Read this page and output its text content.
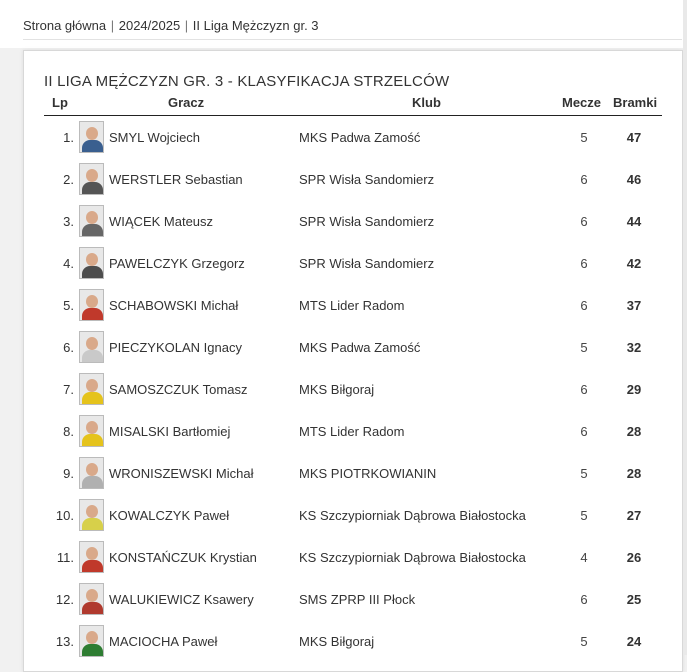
Strona główna | 2024/2025 | II Liga Mężczyzn gr. 3
II LIGA MĘŻCZYZN GR. 3 - KLASYFIKACJA STRZELCÓW
Lp	Gracz	Klub	Mecze Bramki
1.	SMYL Wojciech	MKS Padwa Zamość	5	47
2.	WERSTLER Sebastian	SPR Wisła Sandomierz	6	46
3.	WIĄCEK Mateusz	SPR Wisła Sandomierz	6	44
4.	PAWELCZYK Grzegorz	SPR Wisła Sandomierz	6	42
5.	SCHABOWSKI Michał	MTS Lider Radom	6	37
6.	PIECZYKOLAN Ignacy	MKS Padwa Zamość	5	32
7.	SAMOSZCZUK Tomasz	MKS Biłgoraj	6	29
8.	MISALSKI Bartłomiej	MTS Lider Radom	6	28
9.	WRONISZEWSKI Michał	MKS PIOTRKOWIANIN	5	28
10.	KOWALCZYK Paweł	KS Szczypiorniak Dąbrowa Białostocka	5	27
11.	KONSTAŃCZUK Krystian	KS Szczypiorniak Dąbrowa Białostocka	4	26
12.	WALUKIEWICZ Ksawery	SMS ZPRP III Płock	6	25
13.	MACIOCHA Paweł	MKS Biłgoraj	5	24
